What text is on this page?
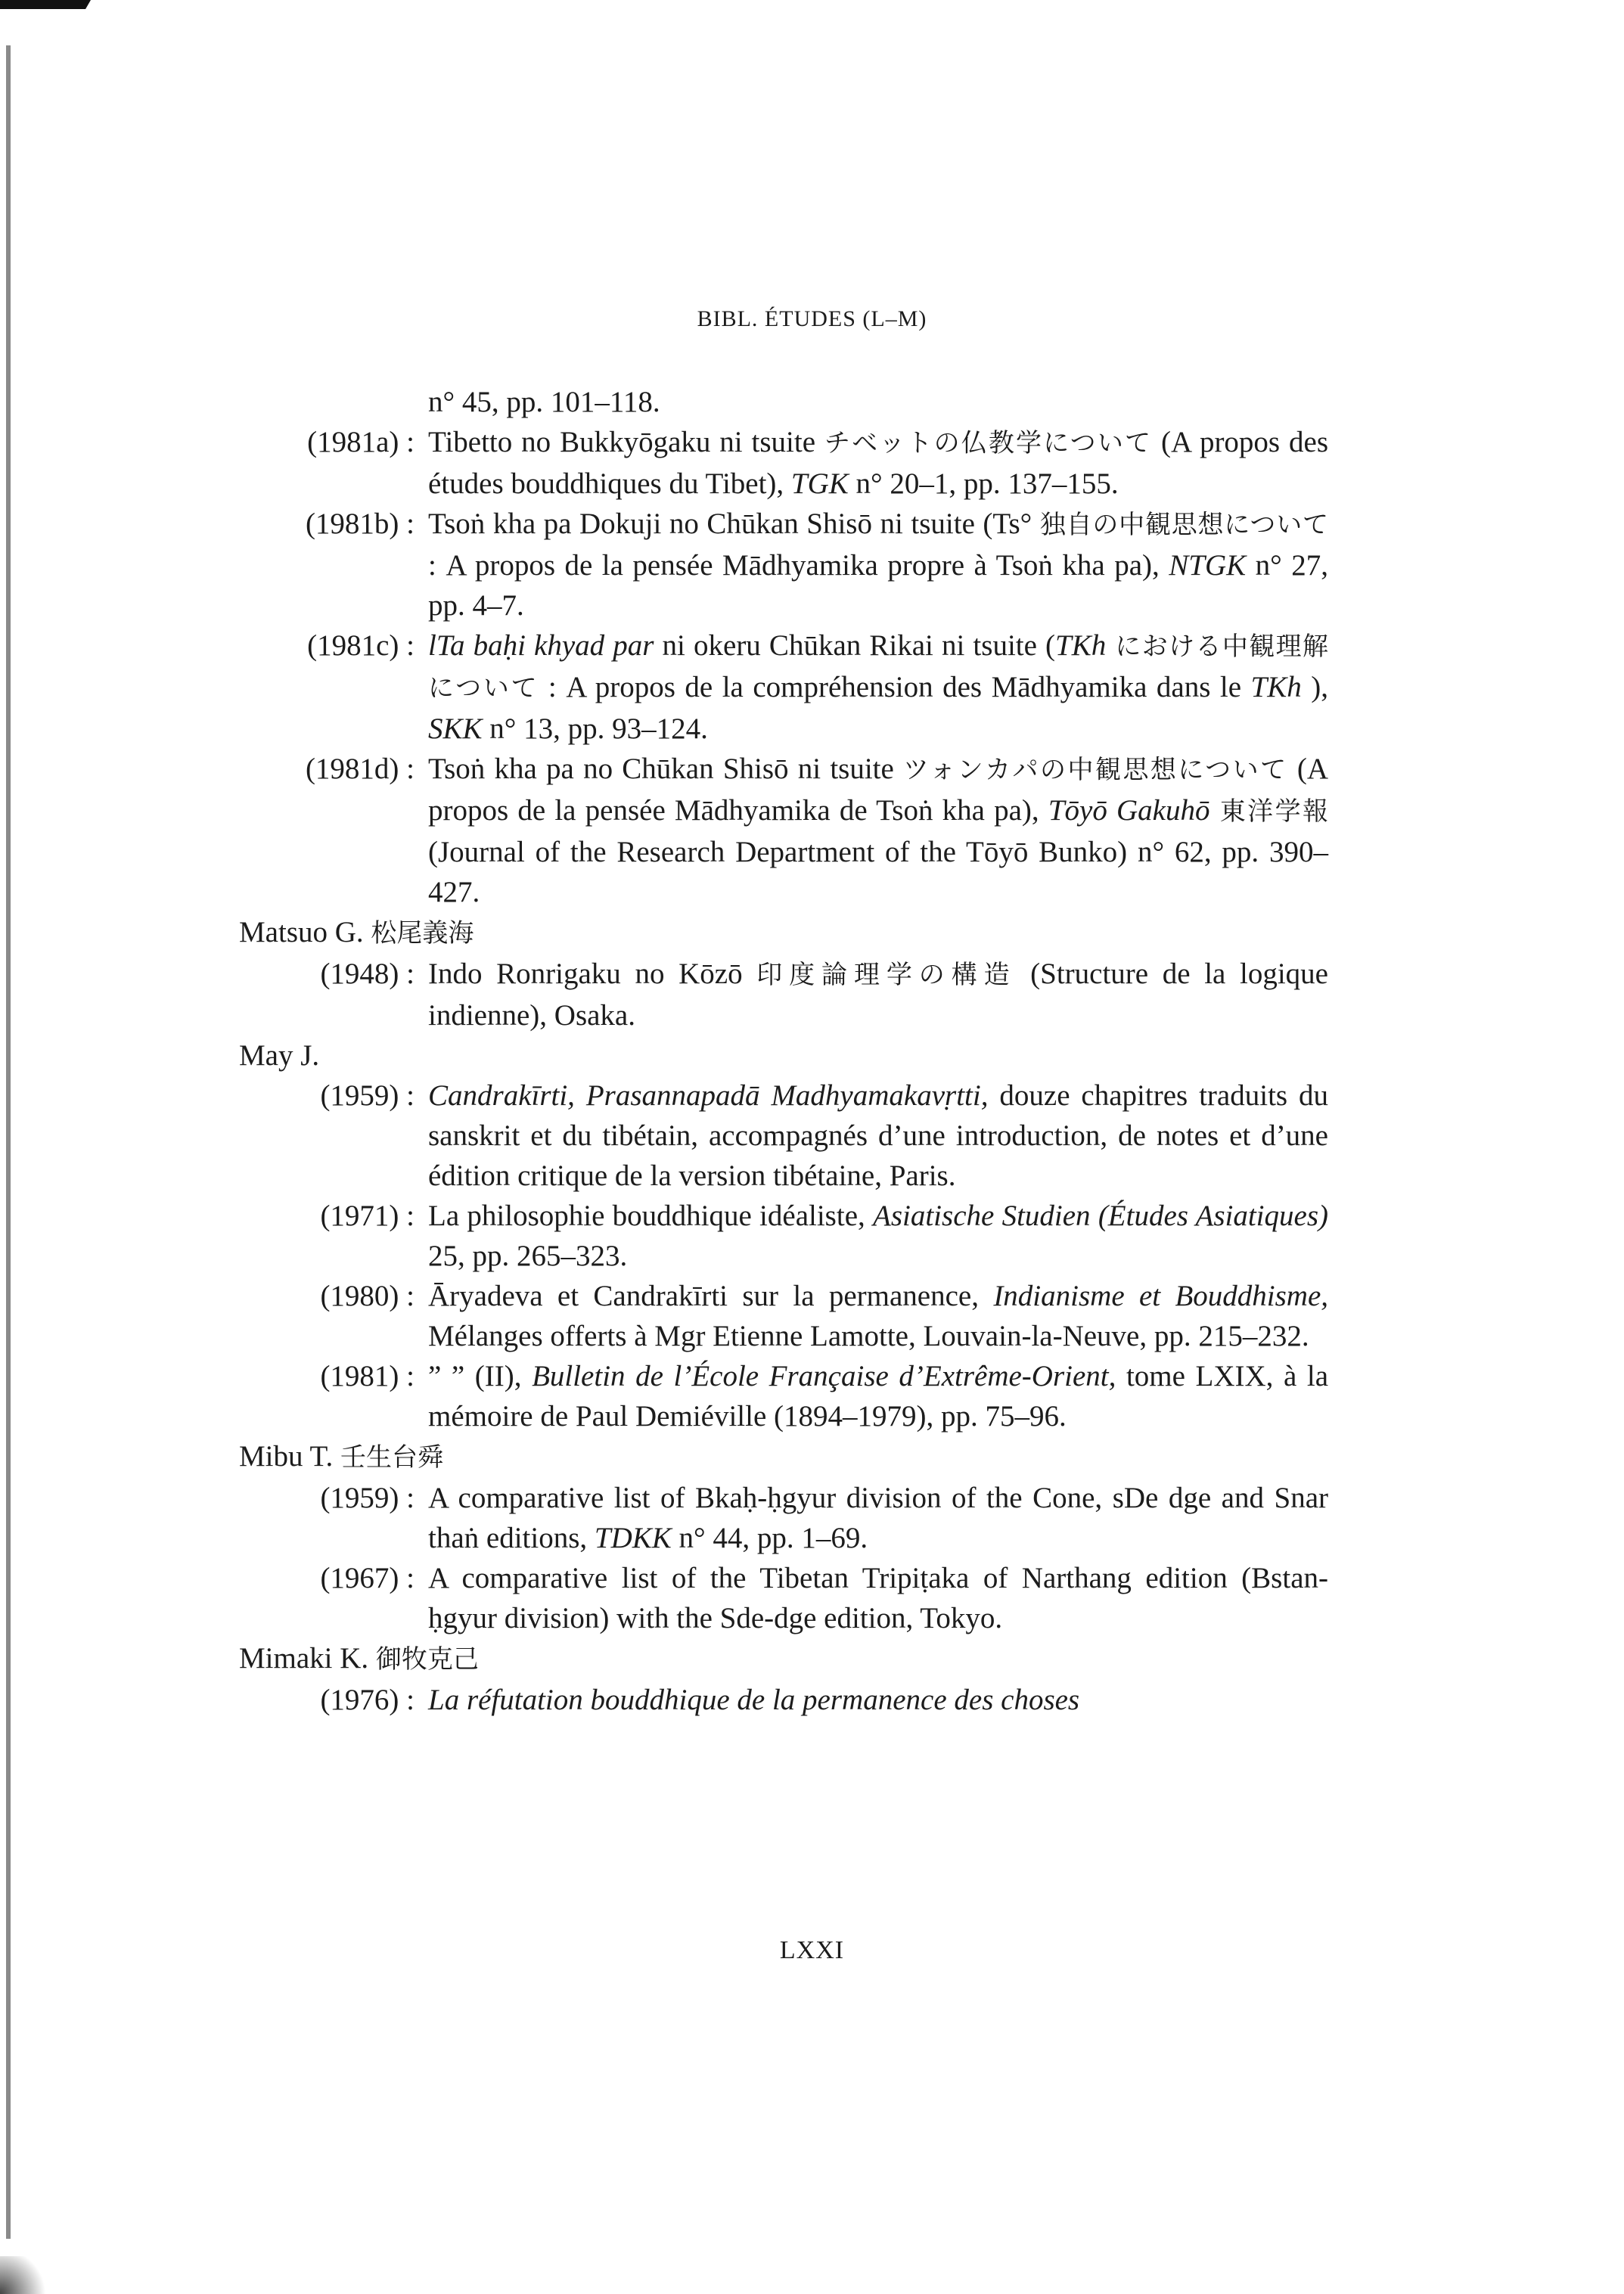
BIBL. ÉTUDES (L–M)
n° 45, pp. 101–118.
(1981a) : Tibetto no Bukkyōgaku ni tsuite チベットの仏教学について (A propos des études bouddhiques du Tibet), TGK n° 20–1, pp. 137–155.
(1981b) : Tsoṅ kha pa Dokuji no Chūkan Shisō ni tsuite (Ts° 独自の中観思想について : A propos de la pensée Mādhyamika propre à Tsoṅ kha pa), NTGK n° 27, pp. 4–7.
(1981c) : lTa baḥi khyad par ni okeru Chūkan Rikai ni tsuite (TKh における中観理解について : A propos de la compréhension des Mādhyamika dans le TKh ), SKK n° 13, pp. 93–124.
(1981d) : Tsoṅ kha pa no Chūkan Shisō ni tsuite ツォンカパの中観思想について (A propos de la pensée Mādhyamika de Tsoṅ kha pa), Tōyō Gakuhō 東洋学報 (Journal of the Research Department of the Tōyō Bunko) n° 62, pp. 390–427.
Matsuo G. 松尾義海
(1948) : Indo Ronrigaku no Kōzō 印度論理学の構造 (Structure de la logique indienne), Osaka.
May J.
(1959) : Candrakīrti, Prasannapadā Madhyamakavṛtti, douze chapitres traduits du sanskrit et du tibétain, accompagnés d’une introduction, de notes et d’une édition critique de la version tibétaine, Paris.
(1971) : La philosophie bouddhique idéaliste, Asiatische Studien (Études Asiatiques) 25, pp. 265–323.
(1980) : Āryadeva et Candrakīrti sur la permanence, Indianisme et Bouddhisme, Mélanges offerts à Mgr Etienne Lamotte, Louvain-la-Neuve, pp. 215–232.
(1981) : ” ” (II), Bulletin de l’École Française d’Extrême-Orient, tome LXIX, à la mémoire de Paul Demiéville (1894–1979), pp. 75–96.
Mibu T. 壬生台舜
(1959) : A comparative list of Bkaḥ-ḥgyur division of the Cone, sDe dge and Snar thaṅ editions, TDKK n° 44, pp. 1–69.
(1967) : A comparative list of the Tibetan Tripiṭaka of Narthang edition (Bstan-ḥgyur division) with the Sde-dge edition, Tokyo.
Mimaki K. 御牧克己
(1976) : La réfutation bouddhique de la permanence des choses
LXXI
